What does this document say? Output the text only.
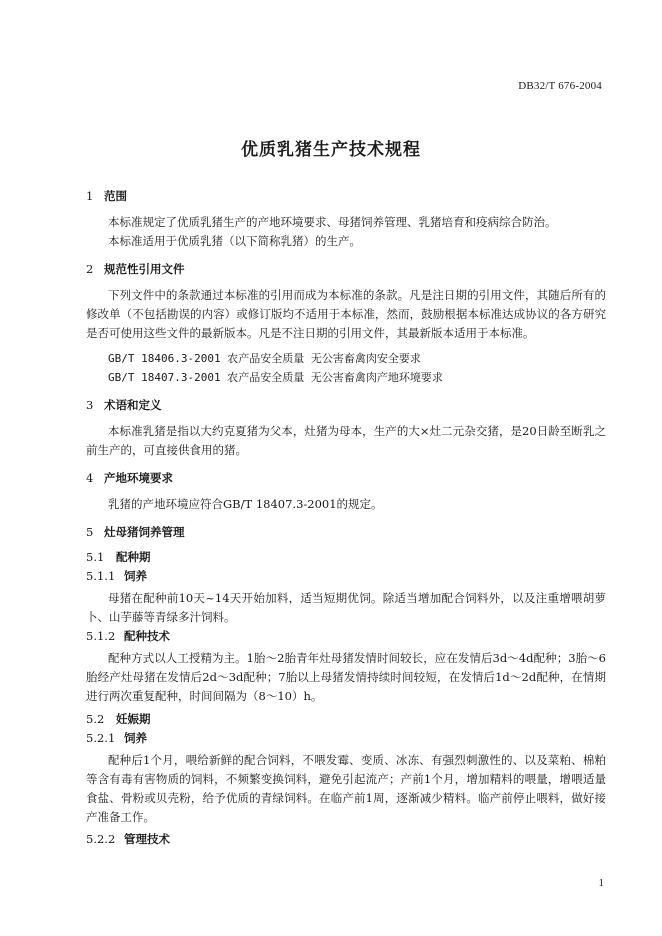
DB32/T 676-2004
优质乳猪生产技术规程
1 范围

本标准规定了优质乳猪生产的产地环境要求、母猪饲养管理、乳猪培育和疫病综合防治。

本标准适用于优质乳猪（以下简称乳猪）的生产。

2 规范性引用文件

下列文件中的条款通过本标准的引用而成为本标准的条款。凡是注日期的引用文件，其随后所有的修改单（不包括勘误的内容）或修订版均不适用于本标准，然而，鼓励根据本标准达成协议的各方研究是否可使用这些文件的最新版本。凡是不注日期的引用文件，其最新版本适用于本标准。

GB/T 18406.3-2001 农产品安全质量 无公害畜禽肉安全要求

GB/T 18407.3-2001 农产品安全质量 无公害畜禽肉产地环境要求

3 术语和定义

本标准乳猪是指以大约克夏猪为父本，灶猪为母本，生产的大×灶二元杂交猪，是20日龄至断乳之前生产的，可直接供食用的猪。

4 产地环境要求

乳猪的产地环境应符合GB/T 18407.3-2001的规定。

5 灶母猪饲养管理
5.1 配种期
5.1.1 饲养

母猪在配种前10天~14天开始加料，适当短期优饲。除适当增加配合饲料外，以及注重增喂胡萝卜、山芋藤等青绿多汁饲料。

5.1.2 配种技术

配种方式以人工授精为主。1胎～2胎青年灶母猪发情时间较长，应在发情后3d～4d配种；3胎～6胎经产灶母猪在发情后2d～3d配种；7胎以上母猪发情持续时间较短，在发情后1d～2d配种，在情期进行两次重复配种，时间间隔为（8～10）h。

5.2 妊娠期
5.2.1 饲养

配种后1个月，喂给新鲜的配合饲料，不喂发霉、变质、冰冻、有强烈刺激性的、以及菜粕、棉粕等含有毒有害物质的饲料，不频繁变换饲料，避免引起流产；产前1个月，增加精料的喂量，增喂适量食盐、骨粉或贝壳粉，给予优质的青绿饲料。在临产前1周，逐渐减少精料。临产前停止喂料，做好接产准备工作。

5.2.2 管理技术
1
